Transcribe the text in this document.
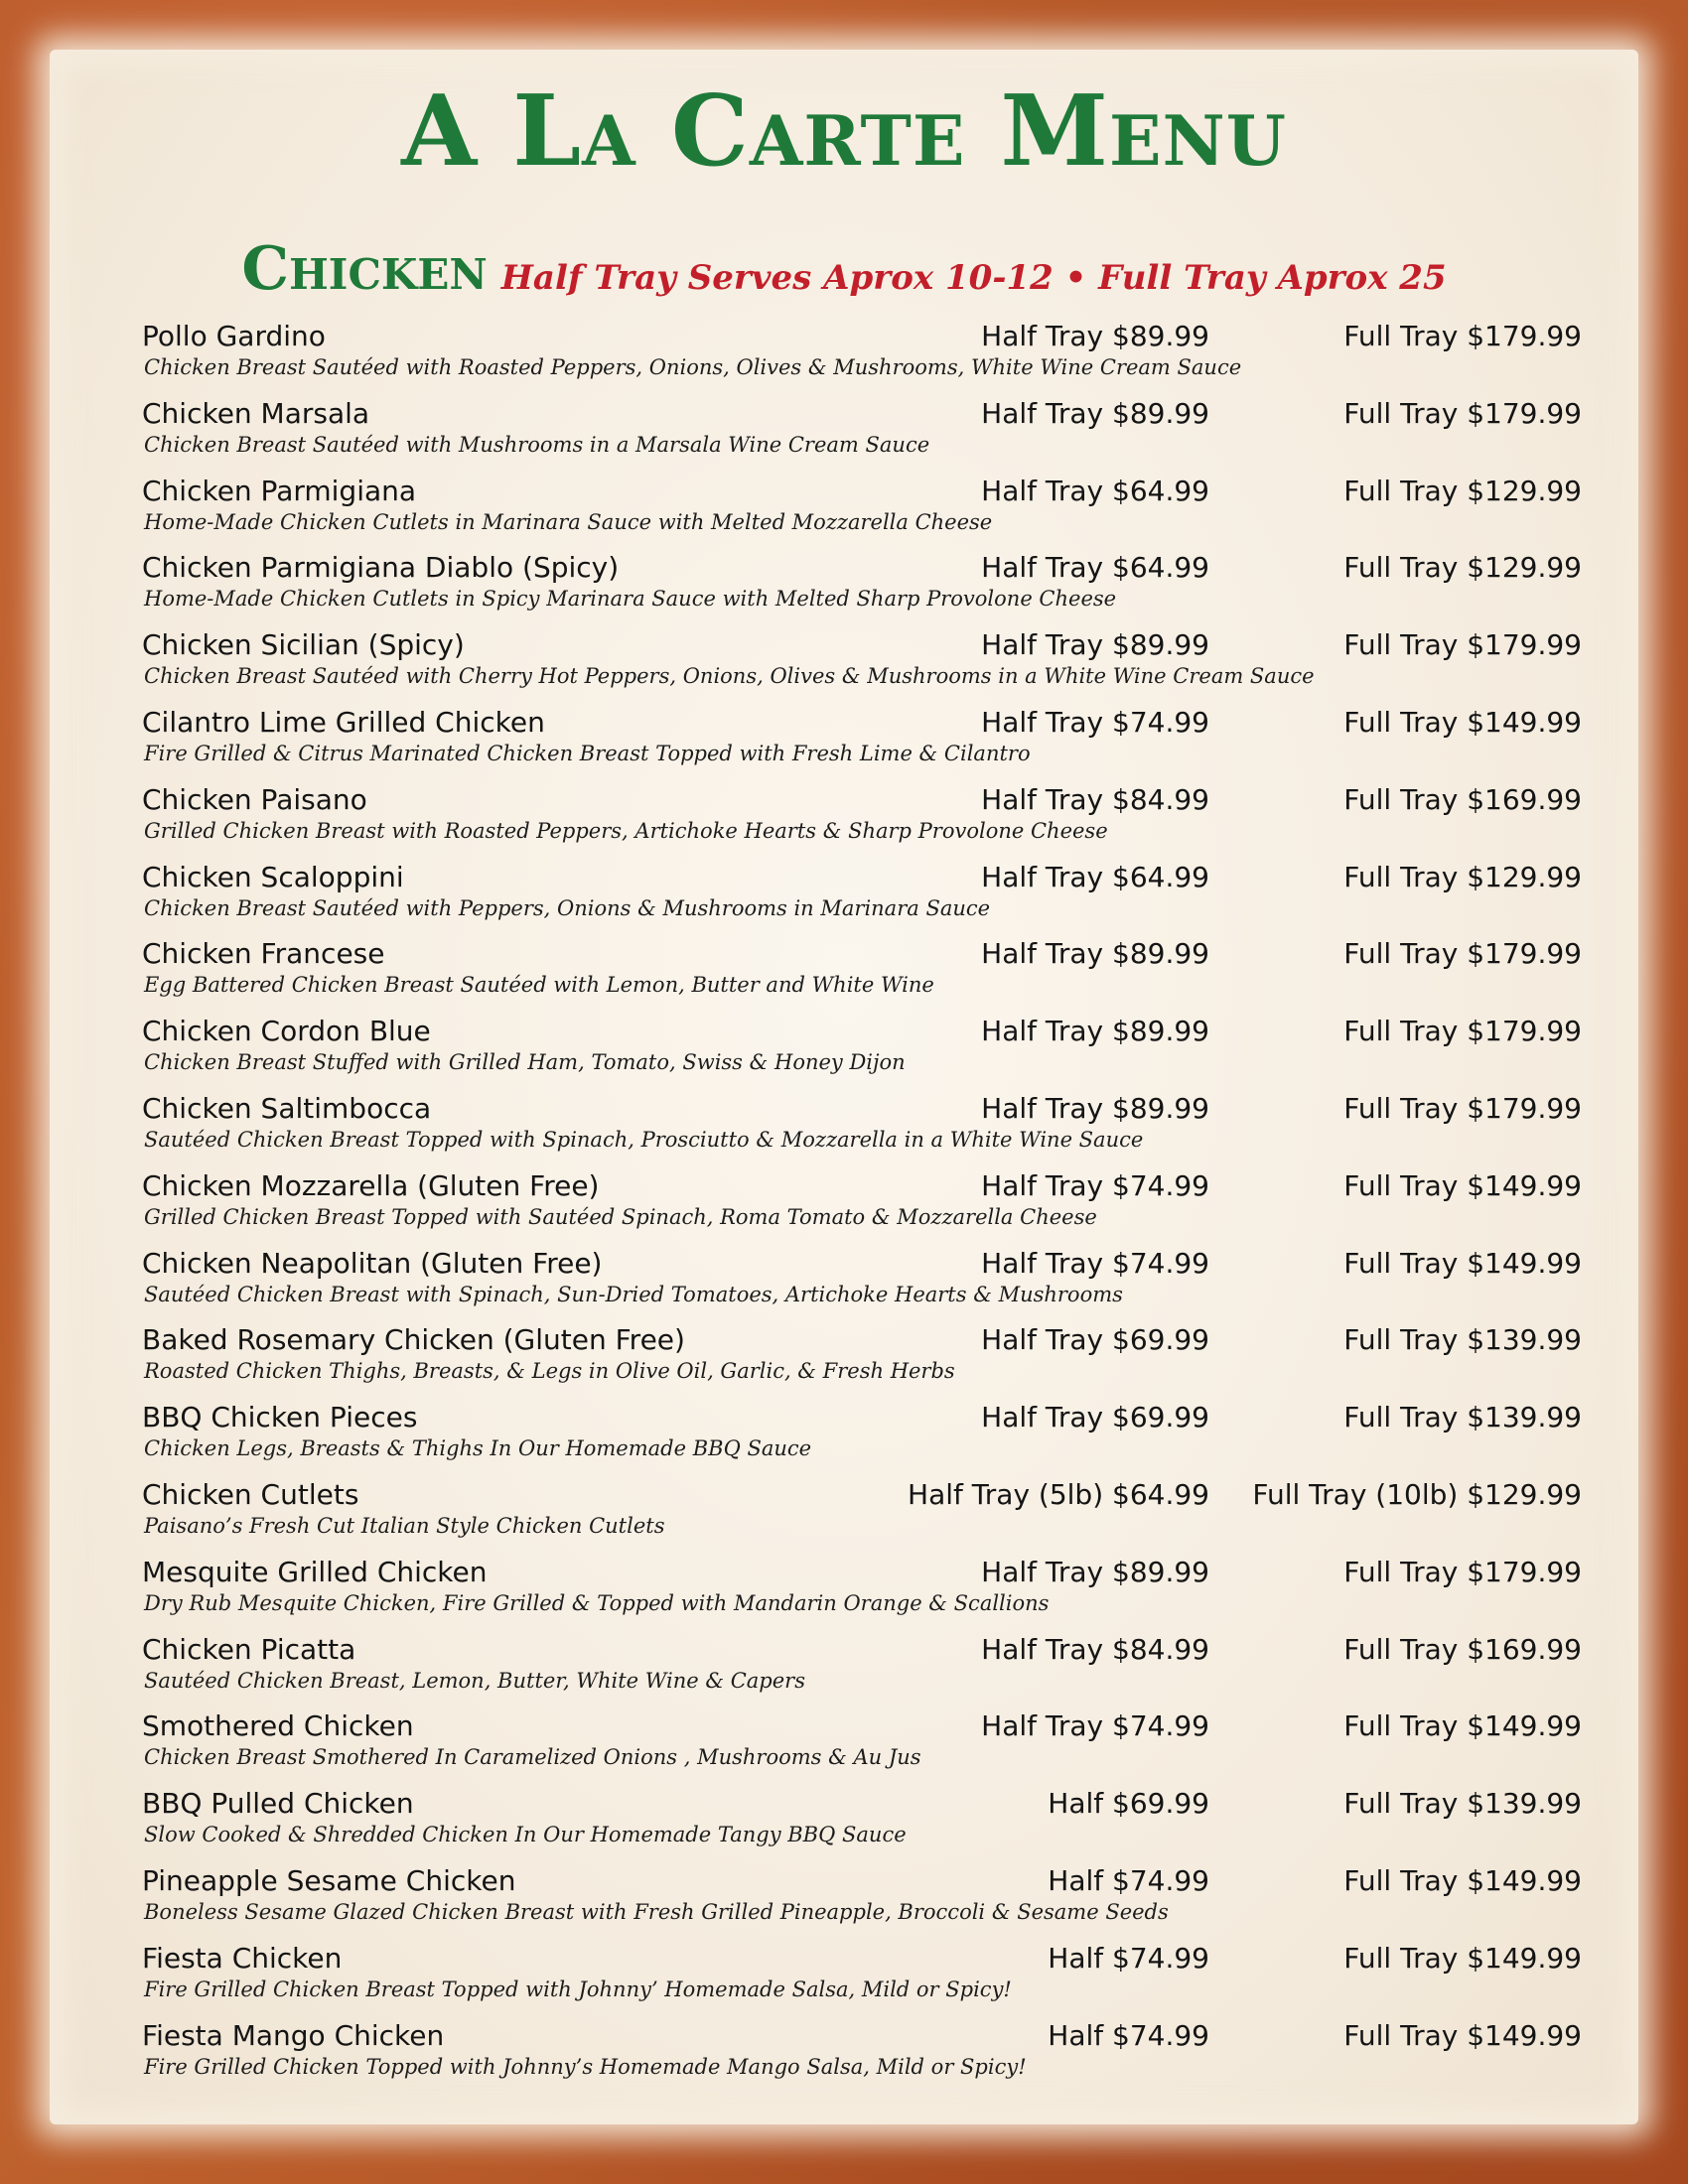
A La Carte Menu
Chicken Half Tray Serves Aprox 10-12 • Full Tray Aprox 25
Pollo Gardino
Chicken Breast Sautéed with Roasted Peppers, Onions, Olives & Mushrooms, White Wine Cream Sauce
Half Tray $89.99	Full Tray $179.99
Chicken Marsala
Chicken Breast Sautéed with Mushrooms in a Marsala Wine Cream Sauce
Half Tray $89.99	Full Tray $179.99
Chicken Parmigiana
Home-Made Chicken Cutlets in Marinara Sauce with Melted Mozzarella Cheese
Half Tray $64.99	Full Tray $129.99
Chicken Parmigiana Diablo (Spicy)
Home-Made Chicken Cutlets in Spicy Marinara Sauce with Melted Sharp Provolone Cheese
Half Tray $64.99	Full Tray $129.99
Chicken Sicilian (Spicy)
Chicken Breast Sautéed with Cherry Hot Peppers, Onions, Olives & Mushrooms in a White Wine Cream Sauce
Half Tray $89.99	Full Tray $179.99
Cilantro Lime Grilled Chicken
Fire Grilled & Citrus Marinated Chicken Breast Topped with Fresh Lime & Cilantro
Half Tray $74.99	Full Tray $149.99
Chicken Paisano
Grilled Chicken Breast with Roasted Peppers, Artichoke Hearts & Sharp Provolone Cheese
Half Tray $84.99	Full Tray $169.99
Chicken Scaloppini
Chicken Breast Sautéed with Peppers, Onions & Mushrooms in Marinara Sauce
Half Tray $64.99	Full Tray $129.99
Chicken Francese
Egg Battered Chicken Breast Sautéed with Lemon, Butter and White Wine
Half Tray $89.99	Full Tray $179.99
Chicken Cordon Blue
Chicken Breast Stuffed with Grilled Ham, Tomato, Swiss & Honey Dijon
Half Tray $89.99	Full Tray $179.99
Chicken Saltimbocca
Sautéed Chicken Breast Topped with Spinach, Prosciutto & Mozzarella in a White Wine Sauce
Half Tray $89.99	Full Tray $179.99
Chicken Mozzarella (Gluten Free)
Grilled Chicken Breast Topped with Sautéed Spinach, Roma Tomato & Mozzarella Cheese
Half Tray $74.99	Full Tray $149.99
Chicken Neapolitan (Gluten Free)
Sautéed Chicken Breast with Spinach, Sun-Dried Tomatoes, Artichoke Hearts & Mushrooms
Half Tray $74.99	Full Tray $149.99
Baked Rosemary Chicken (Gluten Free)
Roasted Chicken Thighs, Breasts, & Legs in Olive Oil, Garlic, & Fresh Herbs
Half Tray $69.99	Full Tray $139.99
BBQ Chicken Pieces
Chicken Legs, Breasts & Thighs In Our Homemade BBQ Sauce
Half Tray $69.99	Full Tray $139.99
Chicken Cutlets
Paisano’s Fresh Cut Italian Style Chicken Cutlets
Half Tray (5lb) $64.99 Full Tray (10lb) $129.99
Mesquite Grilled Chicken
Dry Rub Mesquite Chicken, Fire Grilled & Topped with Mandarin Orange & Scallions
Half Tray $89.99	Full Tray $179.99
Chicken Picatta
Sautéed Chicken Breast, Lemon, Butter, White Wine & Capers
Half Tray $84.99	Full Tray $169.99
Smothered Chicken
Chicken Breast Smothered In Caramelized Onions , Mushrooms & Au Jus
Half Tray $74.99	Full Tray $149.99
BBQ Pulled Chicken
Slow Cooked & Shredded Chicken In Our Homemade Tangy BBQ Sauce
Half $69.99	Full Tray $139.99
Pineapple Sesame Chicken
Boneless Sesame Glazed Chicken Breast with Fresh Grilled Pineapple, Broccoli & Sesame Seeds
Half $74.99	Full Tray $149.99
Fiesta Chicken
Fire Grilled Chicken Breast Topped with Johnny’ Homemade Salsa, Mild or Spicy!
Half $74.99	Full Tray $149.99
Fiesta Mango Chicken
Fire Grilled Chicken Topped with Johnny’s Homemade Mango Salsa, Mild or Spicy!
Half $74.99	Full Tray $149.99
